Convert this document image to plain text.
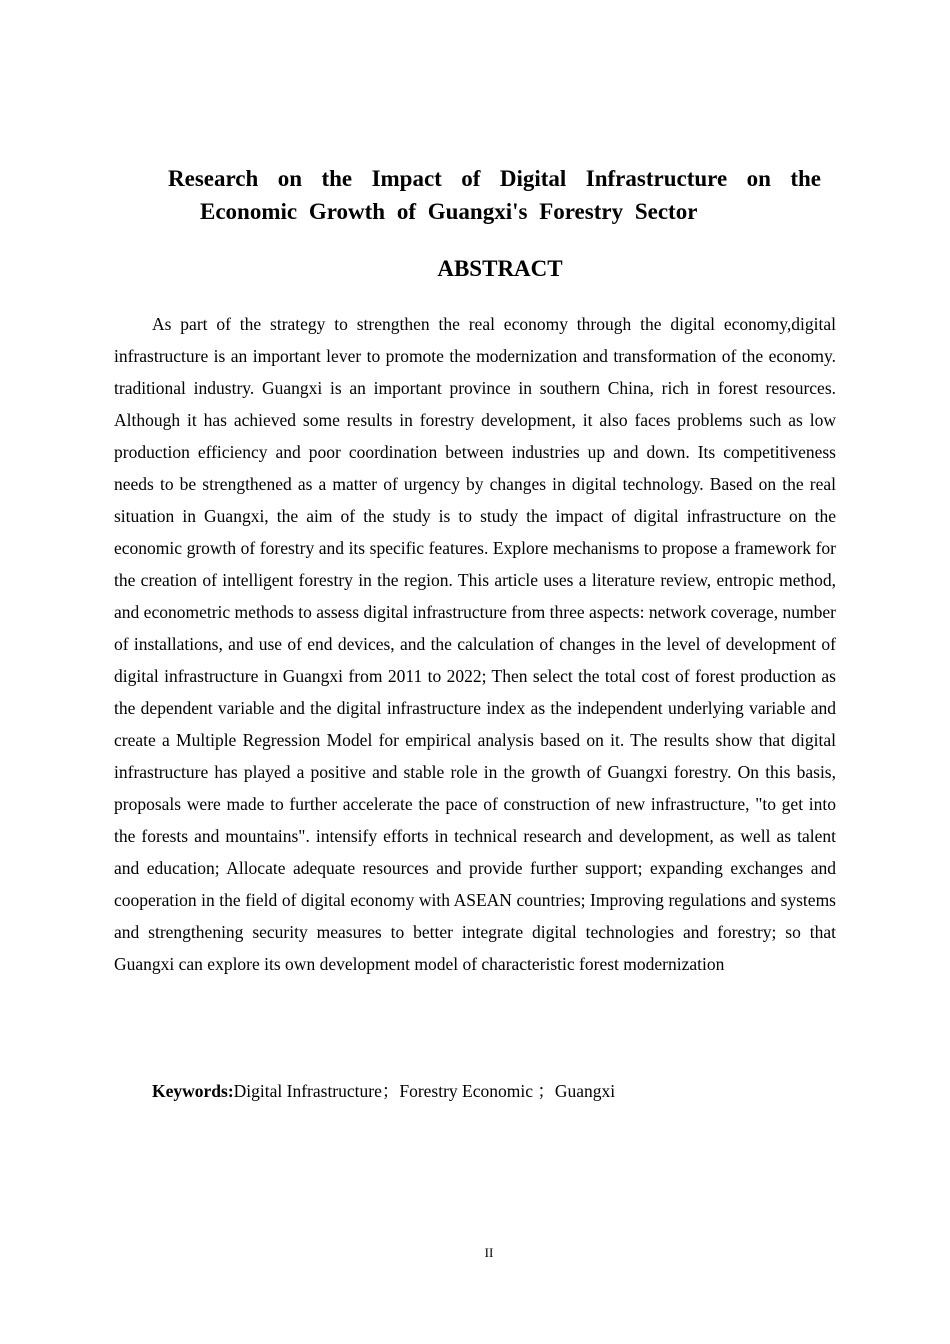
Research on the Impact of Digital Infrastructure on the
Economic Growth of Guangxi's Forestry Sector
ABSTRACT

As part of the strategy to strengthen the real economy through the digital economy,digital infrastructure is an important lever to promote the modernization and transformation of the economy. traditional industry. Guangxi is an important province in southern China, rich in forest resources. Although it has achieved some results in forestry development, it also faces problems such as low production efficiency and poor coordination between industries up and down. Its competitiveness needs to be strengthened as a matter of urgency by changes in digital technology. Based on the real situation in Guangxi, the aim of the study is to study the impact of digital infrastructure on the economic growth of forestry and its specific features. Explore mechanisms to propose a framework for the creation of intelligent forestry in the region. This article uses a literature review, entropic method, and econometric methods to assess digital infrastructure from three aspects: network coverage, number of installations, and use of end devices, and the calculation of changes in the level of development of digital infrastructure in Guangxi from 2011 to 2022; Then select the total cost of forest production as the dependent variable and the digital infrastructure index as the independent underlying variable and create a Multiple Regression Model for empirical analysis based on it. The results show that digital infrastructure has played a positive and stable role in the growth of Guangxi forestry. On this basis, proposals were made to further accelerate the pace of construction of new infrastructure, "to get into the forests and mountains". intensify efforts in technical research and development, as well as talent and education; Allocate adequate resources and provide further support; expanding exchanges and cooperation in the field of digital economy with ASEAN countries; Improving regulations and systems and strengthening security measures to better integrate digital technologies and forestry; so that Guangxi can explore its own development model of characteristic forest modernization

Keywords:Digital Infrastructure；Forestry Economic ；Guangxi

II
